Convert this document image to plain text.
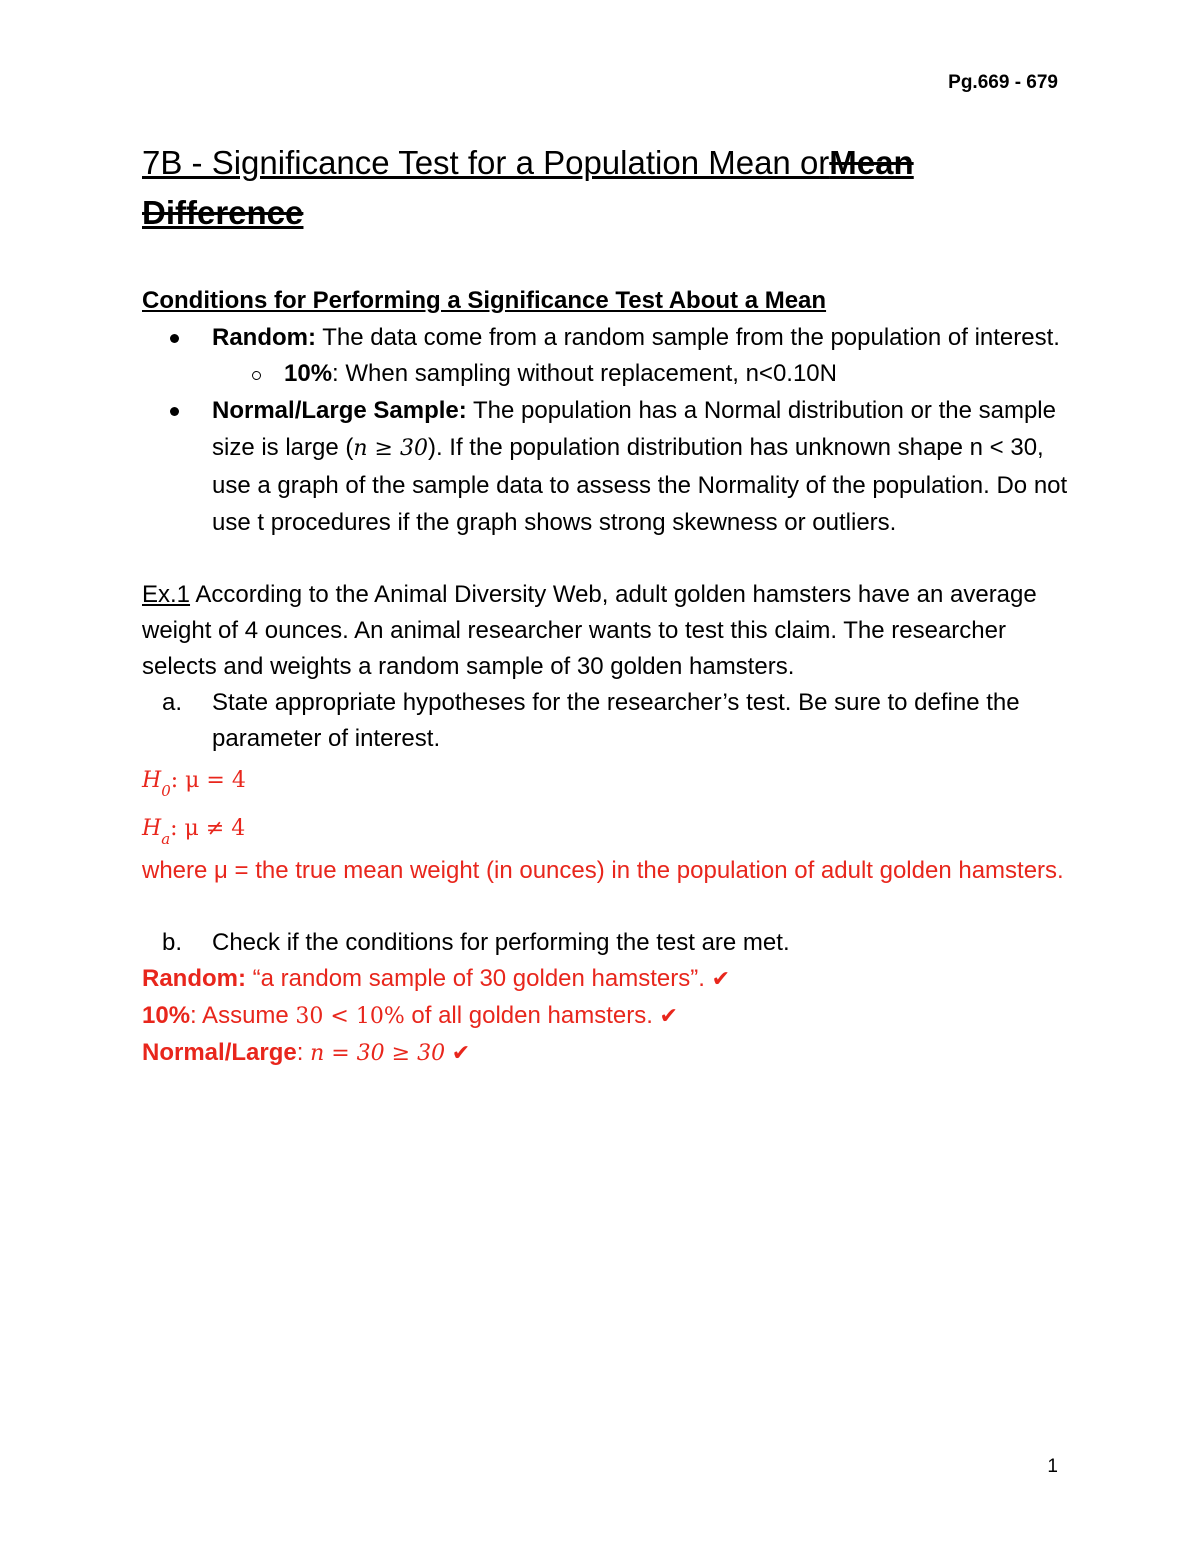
Pg.669 - 679
7B - Significance Test for a Population Mean orMean
Difference
Conditions for Performing a Significance Test About a Mean
Random: The data come from a random sample from the population of interest.
10%: When sampling without replacement, n<0.10N
Normal/Large Sample: The population has a Normal distribution or the sample size is large (n ≥ 30). If the population distribution has unknown shape n < 30, use a graph of the sample data to assess the Normality of the population. Do not use t procedures if the graph shows strong skewness or outliers.
Ex.1 According to the Animal Diversity Web, adult golden hamsters have an average weight of 4 ounces. An animal researcher wants to test this claim. The researcher selects and weights a random sample of 30 golden hamsters.
a. State appropriate hypotheses for the researcher’s test. Be sure to define the parameter of interest.
$H_0$: μ = 4
$H_a$: μ ≠ 4
where μ = the true mean weight (in ounces) in the population of adult golden hamsters.
b. Check if the conditions for performing the test are met.
Random: “a random sample of 30 golden hamsters”. ✔
10%: Assume 30 < 10% of all golden hamsters. ✔
Normal/Large: n = 30 ≥ 30 ✔
1
